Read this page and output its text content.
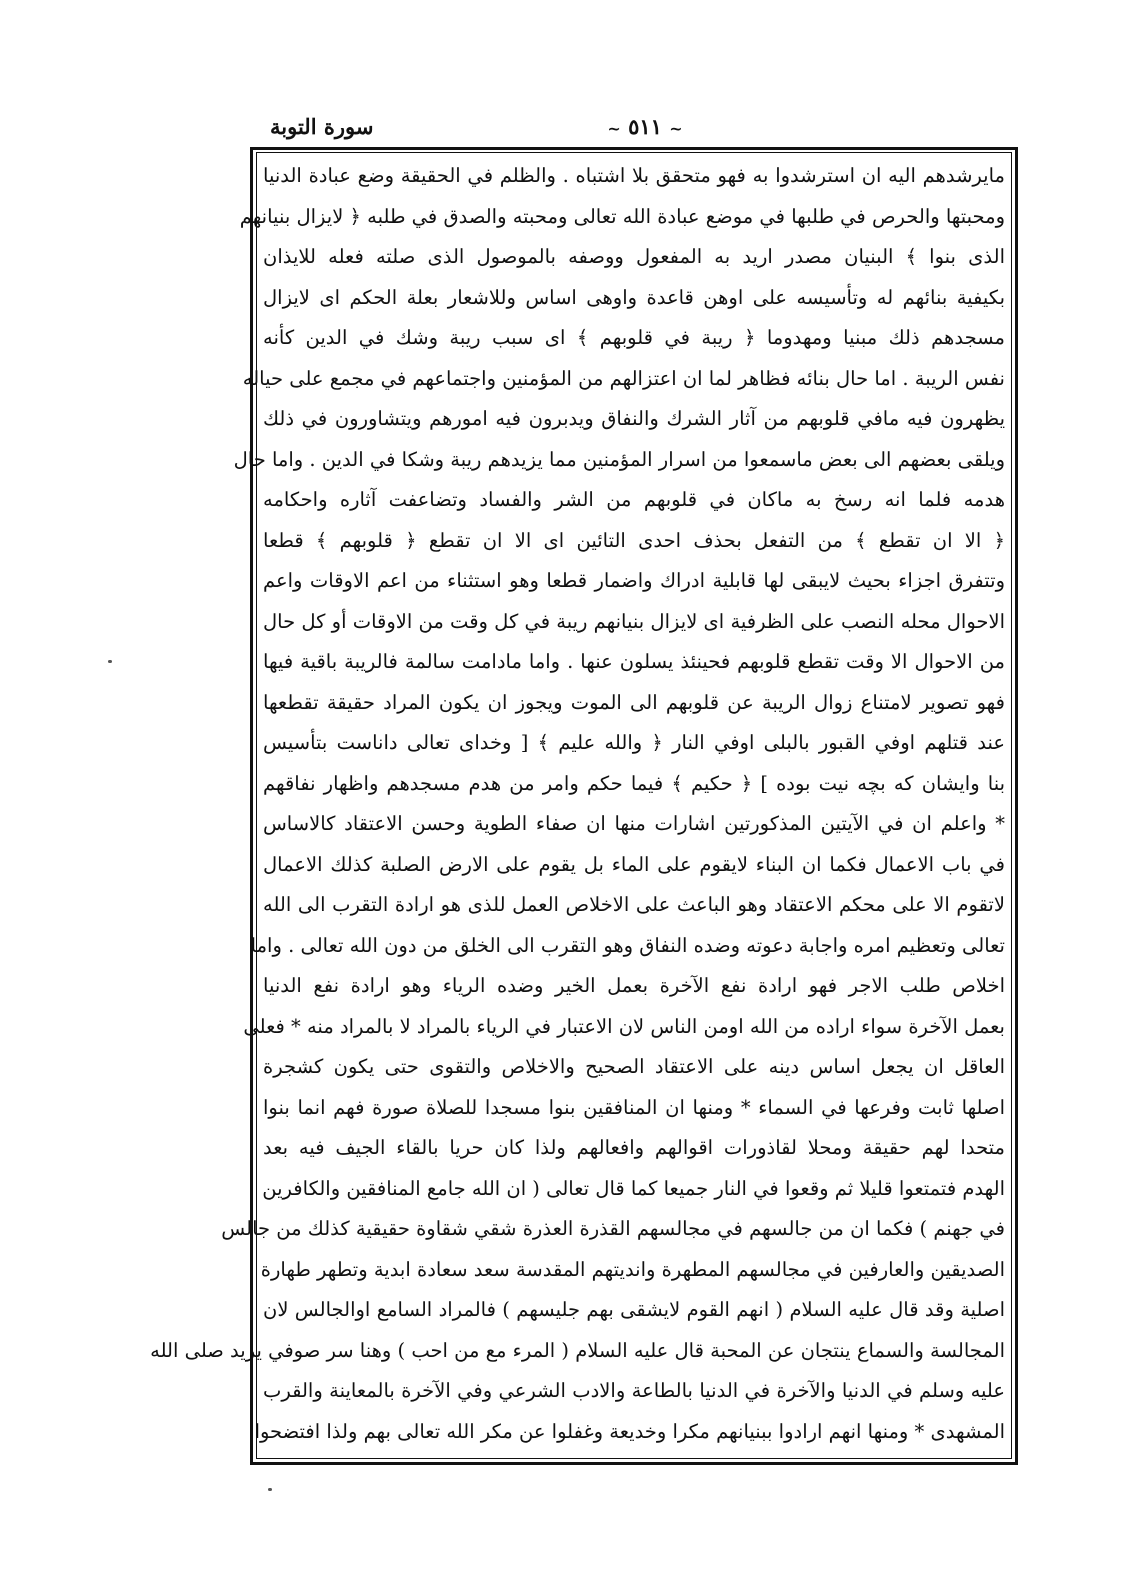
سورة التوبة	~ ٥١١ ~
مايرشدهم اليه ان استرشدوا به فهو متحقق بلا اشتباه . والظلم في الحقيقة وضع عبادة الدنيا
ومحبتها والحرص في طلبها في موضع عبادة الله تعالى ومحبته والصدق في طلبه ﴿ لايزال بنيانهم
الذى بنوا ﴾ البنيان مصدر اريد به المفعول ووصفه بالموصول الذى صلته فعله للايذان
بكيفية بنائهم له وتأسيسه على اوهن قاعدة واوهى اساس وللاشعار بعلة الحكم اى لايزال
مسجدهم ذلك مبنيا ومهدوما ﴿ ريبة في قلوبهم ﴾ اى سبب ريبة وشك في الدين كأنه
نفس الريبة . اما حال بنائه فظاهر لما ان اعتزالهم من المؤمنين واجتماعهم في مجمع على حياله
يظهرون فيه مافي قلوبهم من آثار الشرك والنفاق ويدبرون فيه امورهم ويتشاورون في ذلك
ويلقى بعضهم الى بعض ماسمعوا من اسرار المؤمنين مما يزيدهم ريبة وشكا في الدين . واما حال
هدمه فلما انه رسخ به ماكان في قلوبهم من الشر والفساد وتضاعفت آثاره واحكامه
﴿ الا ان تقطع ﴾ من التفعل بحذف احدى التائين اى الا ان تقطع ﴿ قلوبهم ﴾ قطعا
وتتفرق اجزاء بحيث لايبقى لها قابلية ادراك واضمار قطعا وهو استثناء من اعم الاوقات واعم
الاحوال محله النصب على الظرفية اى لايزال بنيانهم ريبة في كل وقت من الاوقات أو كل حال
من الاحوال الا وقت تقطع قلوبهم فحينئذ يسلون عنها . واما مادامت سالمة فالريبة باقية فيها
فهو تصوير لامتناع زوال الريبة عن قلوبهم الى الموت ويجوز ان يكون المراد حقيقة تقطعها
عند قتلهم اوفي القبور بالبلى اوفي النار ﴿ والله عليم ﴾ [ وخداى تعالى داناست بتأسيس
بنا وايشان كه بچه نيت بوده ] ﴿ حكيم ﴾ فيما حكم وامر من هدم مسجدهم واظهار نفاقهم
* واعلم ان في الآيتين المذكورتين اشارات منها ان صفاء الطوية وحسن الاعتقاد كالاساس
في باب الاعمال فكما ان البناء لايقوم على الماء بل يقوم على الارض الصلبة كذلك الاعمال
لاتقوم الا على محكم الاعتقاد وهو الباعث على الاخلاص العمل للذى هو ارادة التقرب الى الله
تعالى وتعظيم امره واجابة دعوته وضده النفاق وهو التقرب الى الخلق من دون الله تعالى . واما
اخلاص طلب الاجر فهو ارادة نفع الآخرة بعمل الخير وضده الرياء وهو ارادة نفع الدنيا
بعمل الآخرة سواء اراده من الله اومن الناس لان الاعتبار في الرياء بالمراد لا بالمراد منه * فعلى
العاقل ان يجعل اساس دينه على الاعتقاد الصحيح والاخلاص والتقوى حتى يكون كشجرة
اصلها ثابت وفرعها في السماء * ومنها ان المنافقين بنوا مسجدا للصلاة صورة فهم انما بنوا
متحدا لهم حقيقة ومحلا لقاذورات اقوالهم وافعالهم ولذا كان حريا بالقاء الجيف فيه بعد
الهدم فتمتعوا قليلا ثم وقعوا في النار جميعا كما قال تعالى ( ان الله جامع المنافقين والكافرين
في جهنم ) فكما ان من جالسهم في مجالسهم القذرة العذرة شقي شقاوة حقيقية كذلك من جالس
الصديقين والعارفين في مجالسهم المطهرة وانديتهم المقدسة سعد سعادة ابدية وتطهر طهارة
اصلية وقد قال عليه السلام ( انهم القوم لايشقى بهم جليسهم ) فالمراد السامع اوالجالس لان
المجالسة والسماع ينتجان عن المحبة قال عليه السلام ( المرء مع من احب ) وهنا سر صوفي يريد صلى الله
عليه وسلم في الدنيا والآخرة في الدنيا بالطاعة والادب الشرعي وفي الآخرة بالمعاينة والقرب
المشهدى * ومنها انهم ارادوا ببنيانهم مكرا وخديعة وغفلوا عن مكر الله تعالى بهم ولذا افتضحوا
